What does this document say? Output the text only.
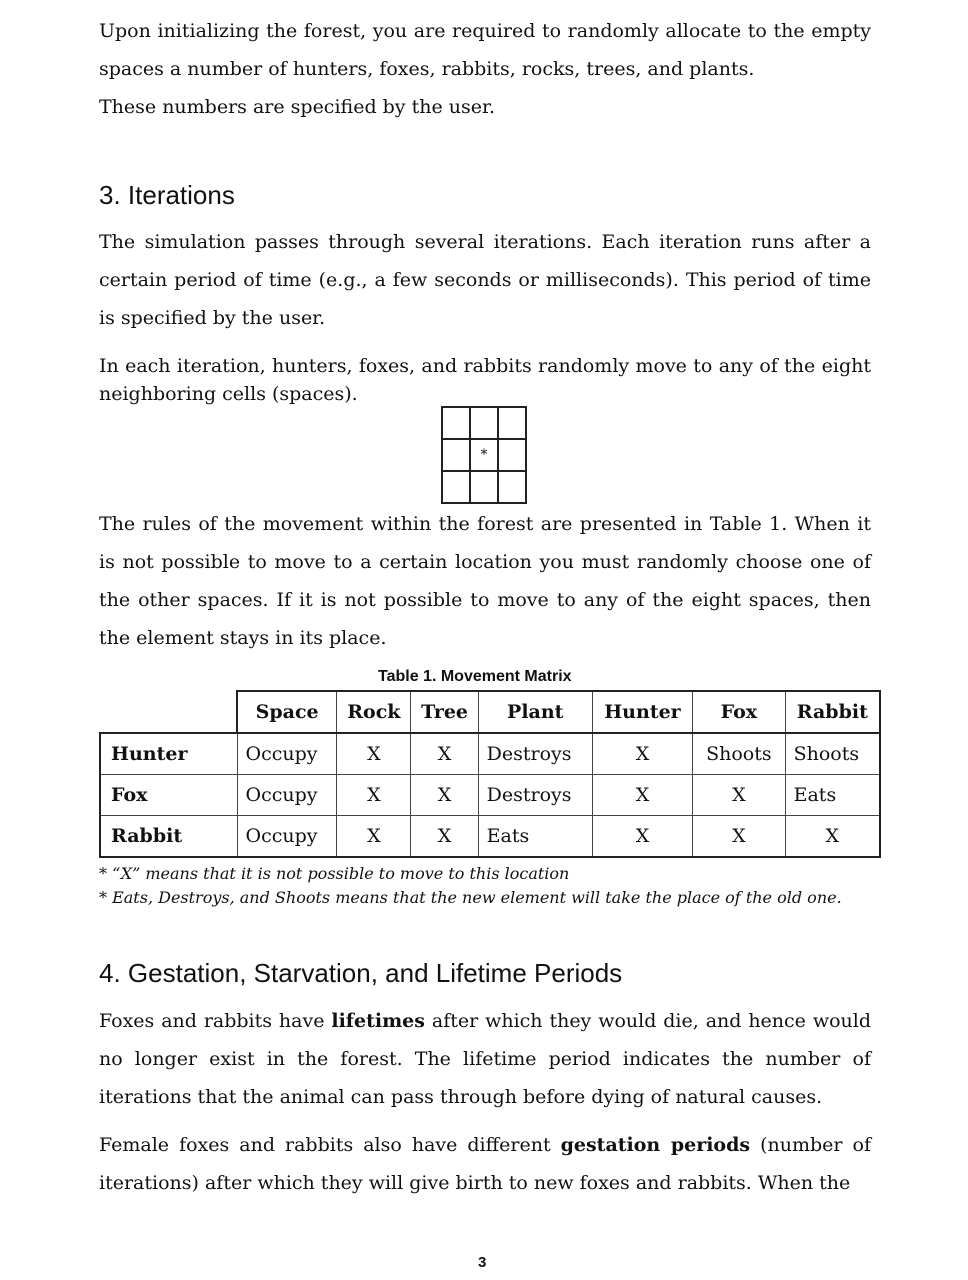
Upon initializing the forest, you are required to randomly allocate to the empty spaces a number of hunters, foxes, rabbits, rocks, trees, and plants.
These numbers are specified by the user.

3. Iterations

The simulation passes through several iterations. Each iteration runs after a certain period of time (e.g., a few seconds or milliseconds). This period of time is specified by the user.

In each iteration, hunters, foxes, and rabbits randomly move to any of the eight neighboring cells (spaces).

	*	

The rules of the movement within the forest are presented in Table 1. When it is not possible to move to a certain location you must randomly choose one of the other spaces. If it is not possible to move to any of the eight spaces, then the element stays in its place.

Table 1. Movement Matrix

	Space	Rock	Tree	Plant	Hunter	Fox	Rabbit
Hunter	Occupy	X	X	Destroys	X	Shoots	Shoots
Fox	Occupy	X	X	Destroys	X	X	Eats
Rabbit	Occupy	X	X	Eats	X	X	X

* “X” means that it is not possible to move to this location

* Eats, Destroys, and Shoots means that the new element will take the place of the old one.

4. Gestation, Starvation, and Lifetime Periods

Foxes and rabbits have lifetimes after which they would die, and hence would no longer exist in the forest. The lifetime period indicates the number of iterations that the animal can pass through before dying of natural causes.

Female foxes and rabbits also have different gestation periods (number of iterations) after which they will give birth to new foxes and rabbits. When the

3
